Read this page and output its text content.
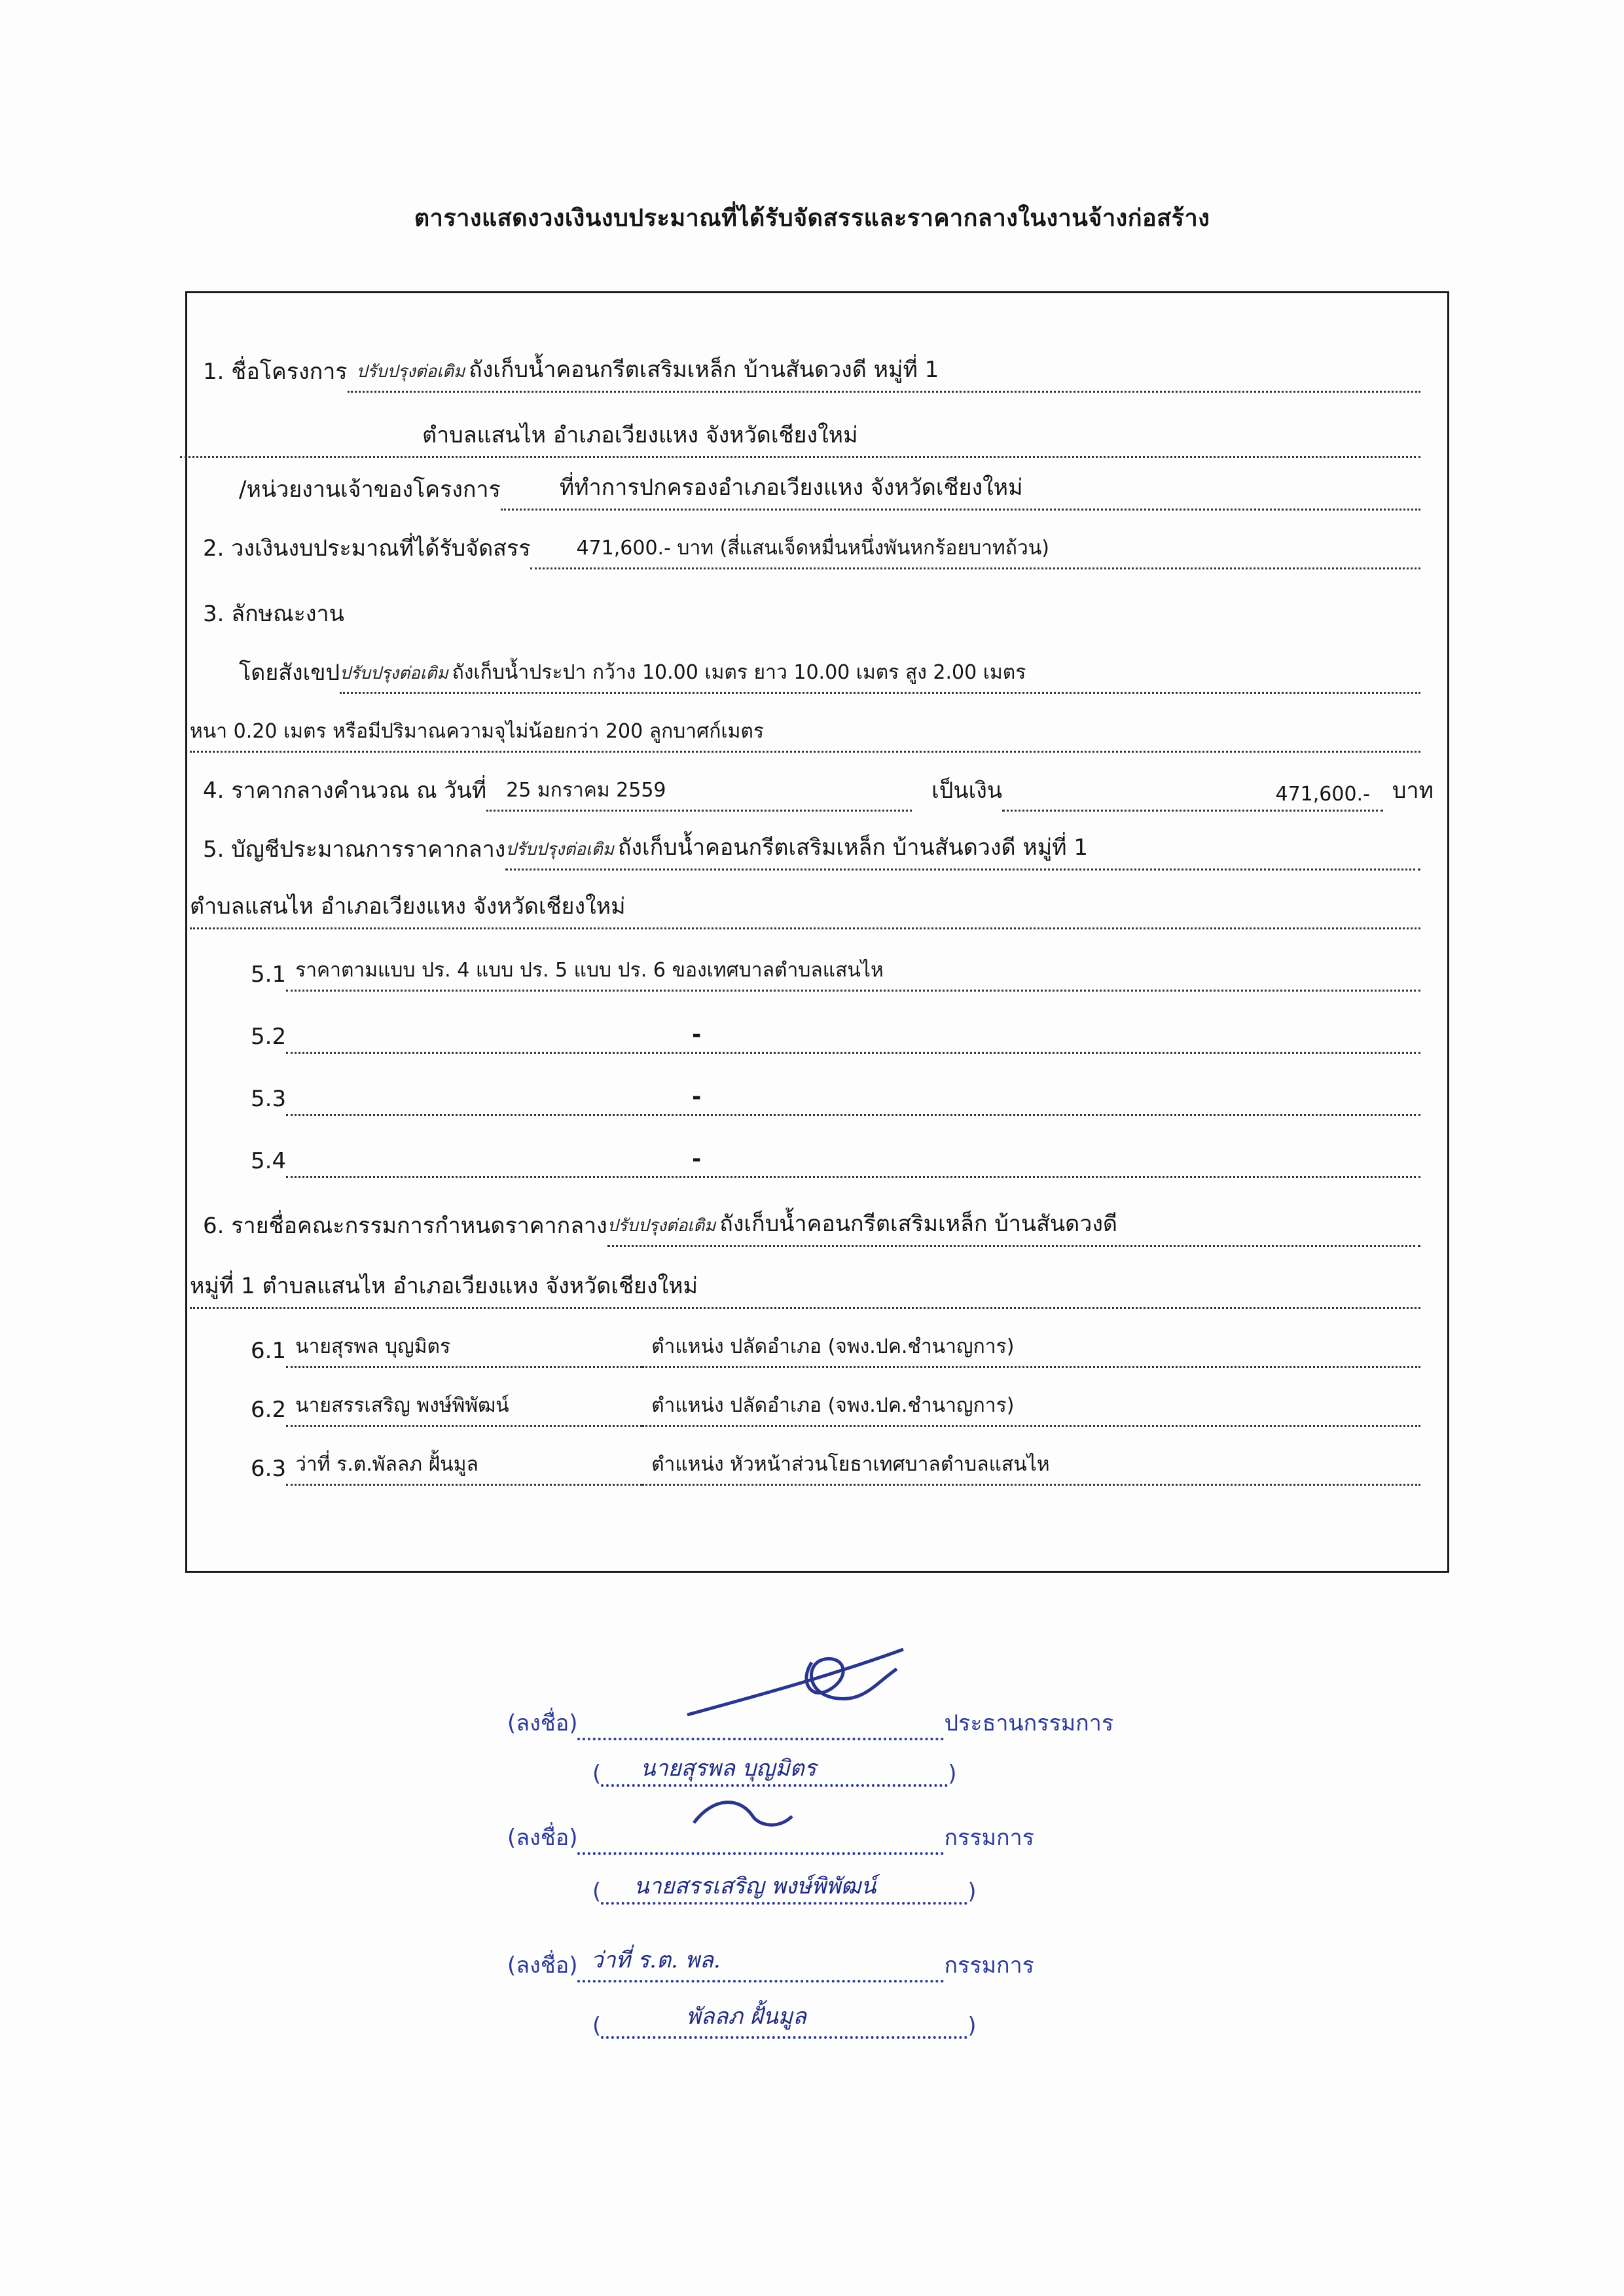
ตารางแสดงวงเงินงบประมาณที่ได้รับจัดสรรและราคากลางในงานจ้างก่อสร้าง
1. ชื่อโครงการ ปรับปรุงต่อเติม ถังเก็บน้ำคอนกรีตเสริมเหล็ก บ้านสันดวงดี หมู่ที่ 1
ตำบลแสนไห อำเภอเวียงแหง จังหวัดเชียงใหม่
/หน่วยงานเจ้าของโครงการ	ที่ทำการปกครองอำเภอเวียงแหง จังหวัดเชียงใหม่
2. วงเงินงบประมาณที่ได้รับจัดสรร	471,600.- บาท (สี่แสนเจ็ดหมื่นหนึ่งพันหกร้อยบาทถ้วน)
3. ลักษณะงาน
โดยสังเขป ปรับปรุงต่อเติม ถังเก็บน้ำประปา กว้าง 10.00 เมตร ยาว 10.00 เมตร สูง 2.00 เมตร
หนา 0.20 เมตร หรือมีปริมาณความจุไม่น้อยกว่า 200 ลูกบาศก์เมตร
4. ราคากลางคำนวณ ณ วันที่	25 มกราคม 2559	เป็นเงิน	471,600.-	บาท
5. บัญชีประมาณการราคากลาง ปรับปรุงต่อเติม ถังเก็บน้ำคอนกรีตเสริมเหล็ก บ้านสันดวงดี หมู่ที่ 1
ตำบลแสนไห อำเภอเวียงแหง จังหวัดเชียงใหม่
5.1 ราคาตามแบบ ปร. 4 แบบ ปร. 5 แบบ ปร. 6 ของเทศบาลตำบลแสนไห
5.2	-
5.3	-
5.4	-
6. รายชื่อคณะกรรมการกำหนดราคากลาง ปรับปรุงต่อเติม ถังเก็บน้ำคอนกรีตเสริมเหล็ก บ้านสันดวงดี
หมู่ที่ 1 ตำบลแสนไห อำเภอเวียงแหง จังหวัดเชียงใหม่
6.1 นายสุรพล บุญมิตร	ตำแหน่ง ปลัดอำเภอ (จพง.ปค.ชำนาญการ)
6.2 นายสรรเสริญ พงษ์พิพัฒน์	ตำแหน่ง ปลัดอำเภอ (จพง.ปค.ชำนาญการ)
6.3 ว่าที่ ร.ต.พัลลภ ฝั้นมูล	ตำแหน่ง หัวหน้าส่วนโยธาเทศบาลตำบลแสนไห
(ลงชื่อ)	ประธานกรรมการ
( นายสุรพล บุญมิตร	)
(ลงชื่อ)	กรรมการ
( นายสรรเสริญ พงษ์พิพัฒน์	)
(ลงชื่อ) ว่าที่ ร.ต. พล.	กรรมการ
(	พัลลภ ฝั้นมูล	)
